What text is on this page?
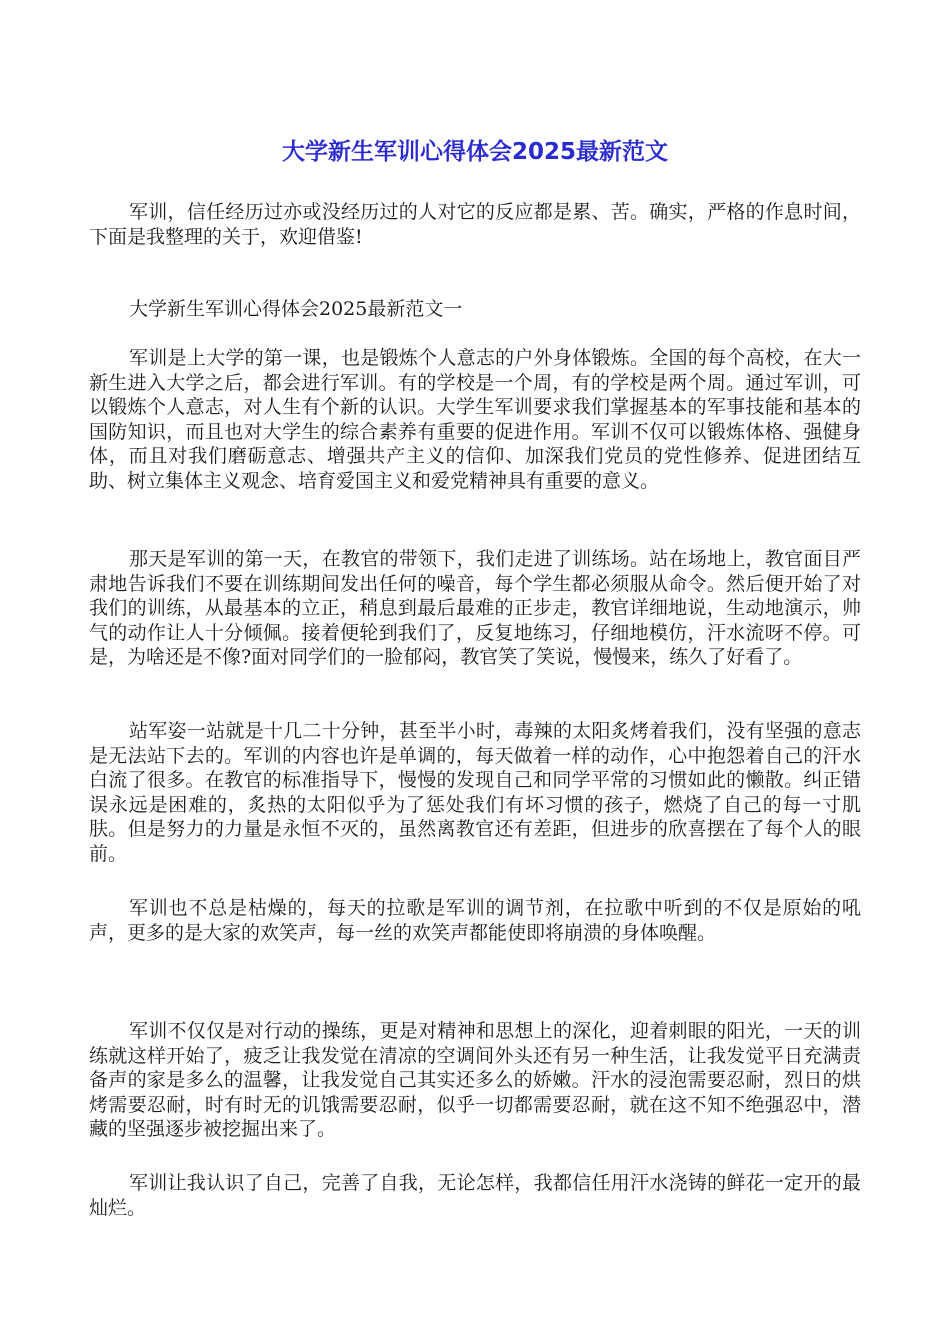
大学新生军训心得体会2025最新范文

军训，信任经历过亦或没经历过的人对它的反应都是累、苦。确实，严格的作息时间，下面是我整理的关于，欢迎借鉴!

大学新生军训心得体会2025最新范文一

军训是上大学的第一课，也是锻炼个人意志的户外身体锻炼。全国的每个高校，在大一新生进入大学之后，都会进行军训。有的学校是一个周，有的学校是两个周。通过军训，可以锻炼个人意志，对人生有个新的认识。大学生军训要求我们掌握基本的军事技能和基本的国防知识，而且也对大学生的综合素养有重要的促进作用。军训不仅可以锻炼体格、强健身体，而且对我们磨砺意志、增强共产主义的信仰、加深我们党员的党性修养、促进团结互助、树立集体主义观念、培育爱国主义和爱党精神具有重要的意义。

那天是军训的第一天，在教官的带领下，我们走进了训练场。站在场地上，教官面目严肃地告诉我们不要在训练期间发出任何的噪音，每个学生都必须服从命令。然后便开始了对我们的训练，从最基本的立正，稍息到最后最难的正步走，教官详细地说，生动地演示，帅气的动作让人十分倾佩。接着便轮到我们了，反复地练习，仔细地模仿，汗水流呀不停。可是，为啥还是不像?面对同学们的一脸郁闷，教官笑了笑说，慢慢来，练久了好看了。

站军姿一站就是十几二十分钟，甚至半小时，毒辣的太阳炙烤着我们，没有坚强的意志是无法站下去的。军训的内容也许是单调的，每天做着一样的动作，心中抱怨着自己的汗水白流了很多。在教官的标准指导下，慢慢的发现自己和同学平常的习惯如此的懒散。纠正错误永远是困难的，炙热的太阳似乎为了惩处我们有坏习惯的孩子，燃烧了自己的每一寸肌肤。但是努力的力量是永恒不灭的，虽然离教官还有差距，但进步的欣喜摆在了每个人的眼前。

军训也不总是枯燥的，每天的拉歌是军训的调节剂，在拉歌中听到的不仅是原始的吼声，更多的是大家的欢笑声，每一丝的欢笑声都能使即将崩溃的身体唤醒。

军训不仅仅是对行动的操练，更是对精神和思想上的深化，迎着刺眼的阳光，一天的训练就这样开始了，疲乏让我发觉在清凉的空调间外头还有另一种生活，让我发觉平日充满责备声的家是多么的温馨，让我发觉自己其实还多么的娇嫩。汗水的浸泡需要忍耐，烈日的烘烤需要忍耐，时有时无的讥饿需要忍耐，似乎一切都需要忍耐，就在这不知不绝强忍中，潜藏的坚强逐步被挖掘出来了。

军训让我认识了自己，完善了自我，无论怎样，我都信任用汗水浇铸的鲜花一定开的最灿烂。
